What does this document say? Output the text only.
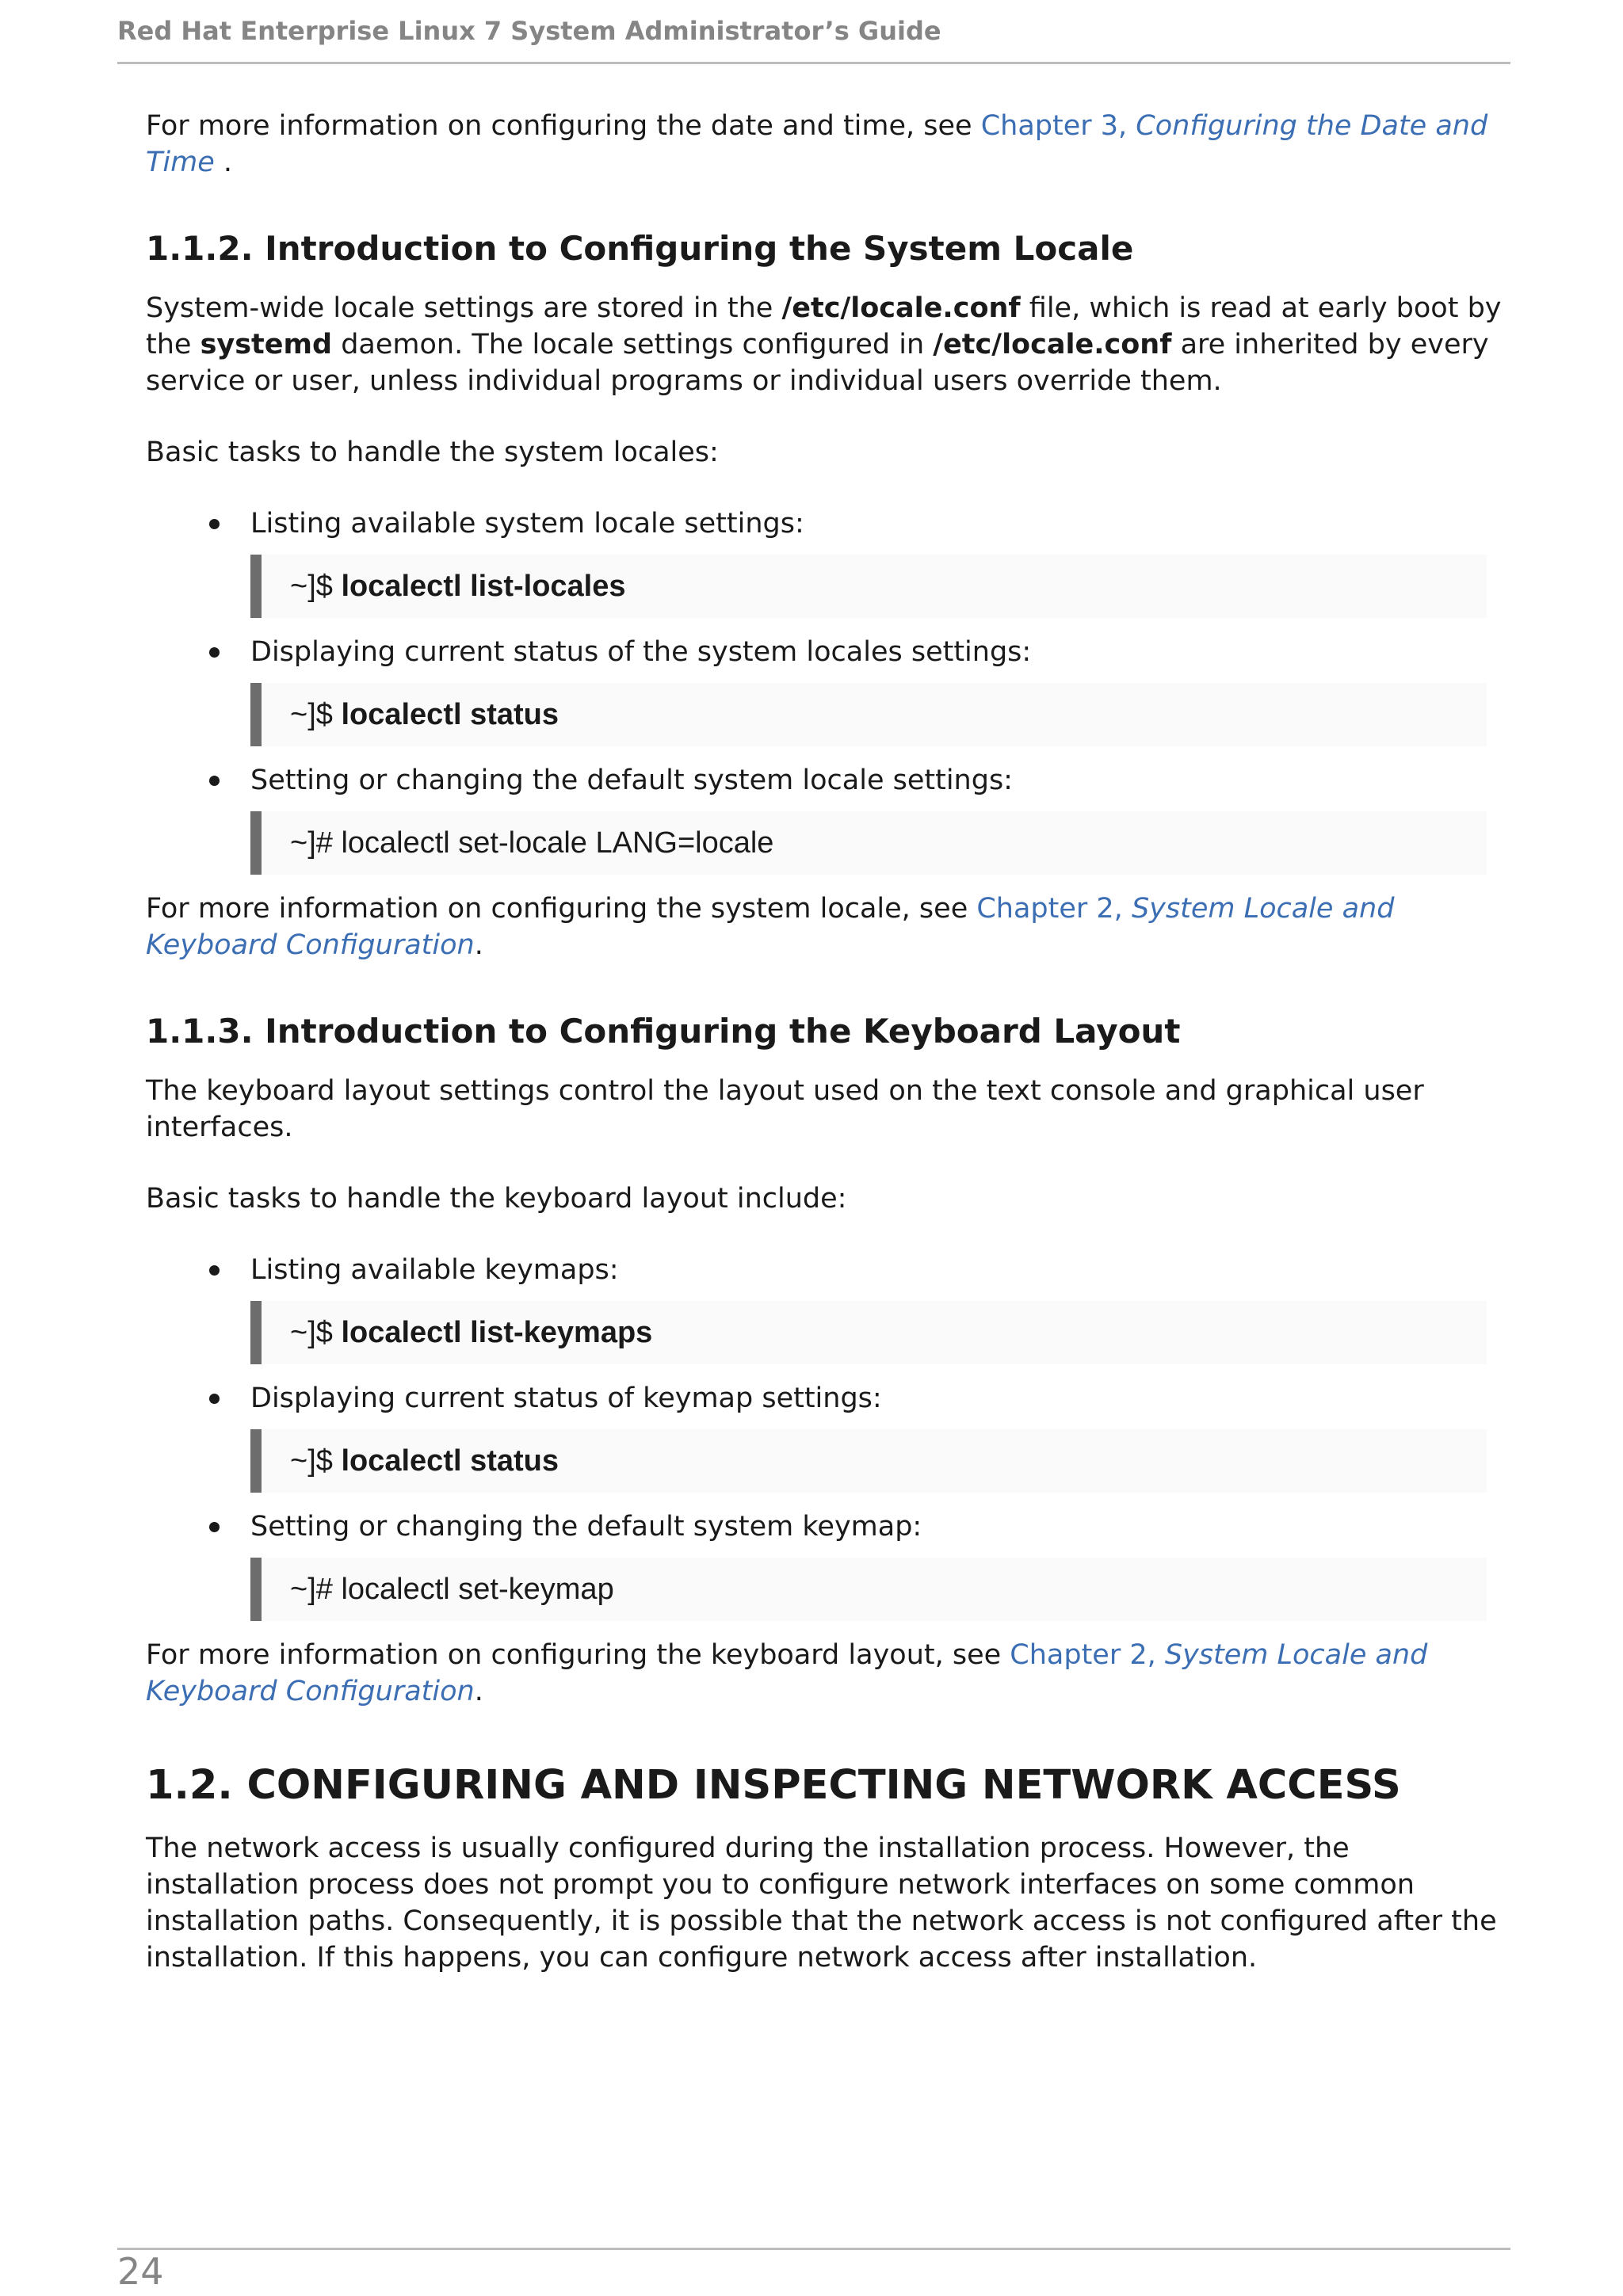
Red Hat Enterprise Linux 7 System Administrator’s Guide

For more information on configuring the date and time, see Chapter 3, Configuring the Date and Time .

1.1.2. Introduction to Configuring the System Locale

System-wide locale settings are stored in the /etc/locale.conf file, which is read at early boot by the systemd daemon. The locale settings configured in /etc/locale.conf are inherited by every service or user, unless individual programs or individual users override them.

Basic tasks to handle the system locales:

Listing available system locale settings:

~]$ localectl list-locales

Displaying current status of the system locales settings:

~]$ localectl status

Setting or changing the default system locale settings:

~]# localectl set-locale LANG=locale

For more information on configuring the system locale, see Chapter 2, System Locale and Keyboard Configuration.

1.1.3. Introduction to Configuring the Keyboard Layout

The keyboard layout settings control the layout used on the text console and graphical user interfaces.

Basic tasks to handle the keyboard layout include:

Listing available keymaps:

~]$ localectl list-keymaps

Displaying current status of keymap settings:

~]$ localectl status

Setting or changing the default system keymap:

~]# localectl set-keymap

For more information on configuring the keyboard layout, see Chapter 2, System Locale and Keyboard Configuration.

1.2. CONFIGURING AND INSPECTING NETWORK ACCESS

The network access is usually configured during the installation process. However, the installation process does not prompt you to configure network interfaces on some common installation paths. Consequently, it is possible that the network access is not configured after the installation. If this happens, you can configure network access after installation.

24
